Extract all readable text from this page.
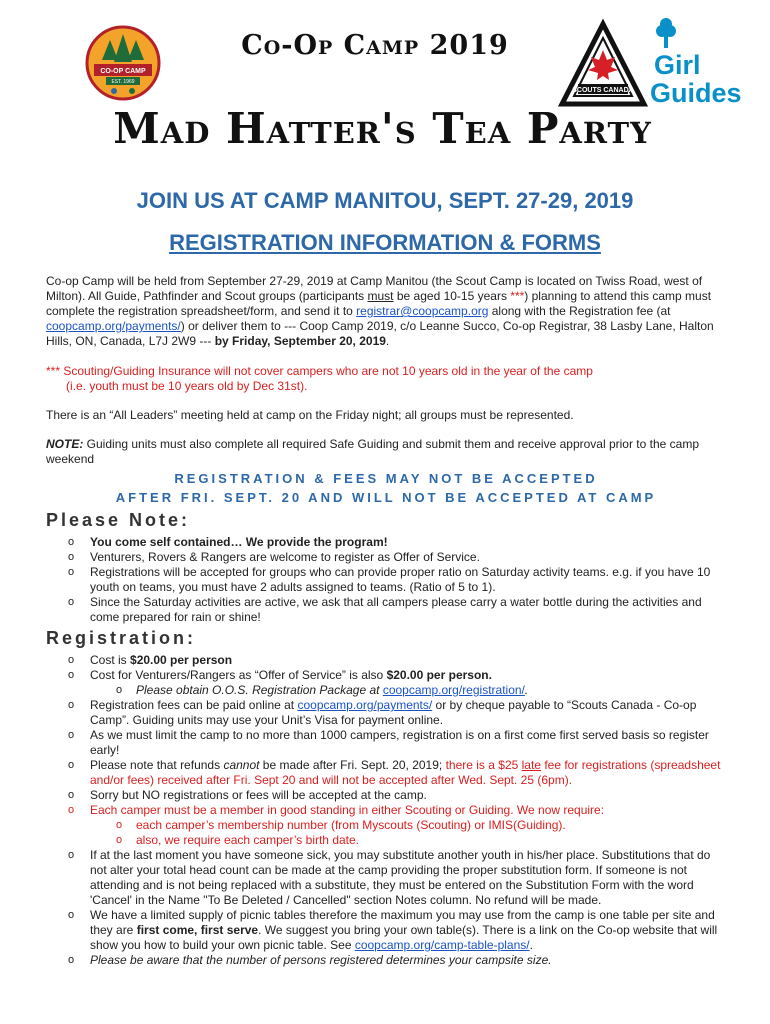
CO-OP CAMP
EST. 1969
Co-Op Camp 2019
SCOUTS CANADA
Girl
Guides
Mad Hatter's Tea Party
JOIN US AT CAMP MANITOU, SEPT. 27-29, 2019
REGISTRATION INFORMATION & FORMS

Co-op Camp will be held from September 27-29, 2019 at Camp Manitou (the Scout Camp is located on Twiss Road, west of Milton). All Guide, Pathfinder and Scout groups (participants must be aged 10-15 years ***) planning to attend this camp must complete the registration spreadsheet/form, and send it to registrar@coopcamp.org along with the Registration fee (at coopcamp.org/payments/) or deliver them to --- Coop Camp 2019, c/o Leanne Succo, Co-op Registrar, 38 Lasby Lane, Halton Hills, ON, Canada, L7J 2W9 --- by Friday, September 20, 2019.

*** Scouting/Guiding Insurance will not cover campers who are not 10 years old in the year of the camp
(i.e. youth must be 10 years old by Dec 31st).

There is an “All Leaders” meeting held at camp on the Friday night; all groups must be represented.

NOTE: Guiding units must also complete all required Safe Guiding and submit them and receive approval prior to the camp weekend

REGISTRATION & FEES MAY NOT BE ACCEPTED
AFTER FRI. SEPT. 20 AND WILL NOT BE ACCEPTED AT CAMP
Please Note:
o You come self contained… We provide the program!
o Venturers, Rovers & Rangers are welcome to register as Offer of Service.
o Registrations will be accepted for groups who can provide proper ratio on Saturday activity teams. e.g. if you have 10 youth on teams, you must have 2 adults assigned to teams. (Ratio of 5 to 1).
o Since the Saturday activities are active, we ask that all campers please carry a water bottle during the activities and come prepared for rain or shine!
Registration:
o Cost is $20.00 per person
o Cost for Venturers/Rangers as “Offer of Service” is also $20.00 per person.
o Please obtain O.O.S. Registration Package at coopcamp.org/registration/.
o Registration fees can be paid online at coopcamp.org/payments/ or by cheque payable to “Scouts Canada - Co-op Camp”. Guiding units may use your Unit’s Visa for payment online.
o As we must limit the camp to no more than 1000 campers, registration is on a first come first served basis so register early!
o Please note that refunds cannot be made after Fri. Sept. 20, 2019; there is a $25 late fee for registrations (spreadsheet and/or fees) received after Fri. Sept 20 and will not be accepted after Wed. Sept. 25 (6pm).
o Sorry but NO registrations or fees will be accepted at the camp.
o Each camper must be a member in good standing in either Scouting or Guiding. We now require:
o each camper’s membership number (from Myscouts (Scouting) or IMIS(Guiding).
o also, we require each camper’s birth date.
o If at the last moment you have someone sick, you may substitute another youth in his/her place. Substitutions that do not alter your total head count can be made at the camp providing the proper substitution form. If someone is not attending and is not being replaced with a substitute, they must be entered on the Substitution Form with the word 'Cancel' in the Name "To Be Deleted / Cancelled" section Notes column. No refund will be made.
o We have a limited supply of picnic tables therefore the maximum you may use from the camp is one table per site and they are first come, first serve. We suggest you bring your own table(s). There is a link on the Co-op website that will show you how to build your own picnic table. See coopcamp.org/camp-table-plans/.
o Please be aware that the number of persons registered determines your campsite size.
